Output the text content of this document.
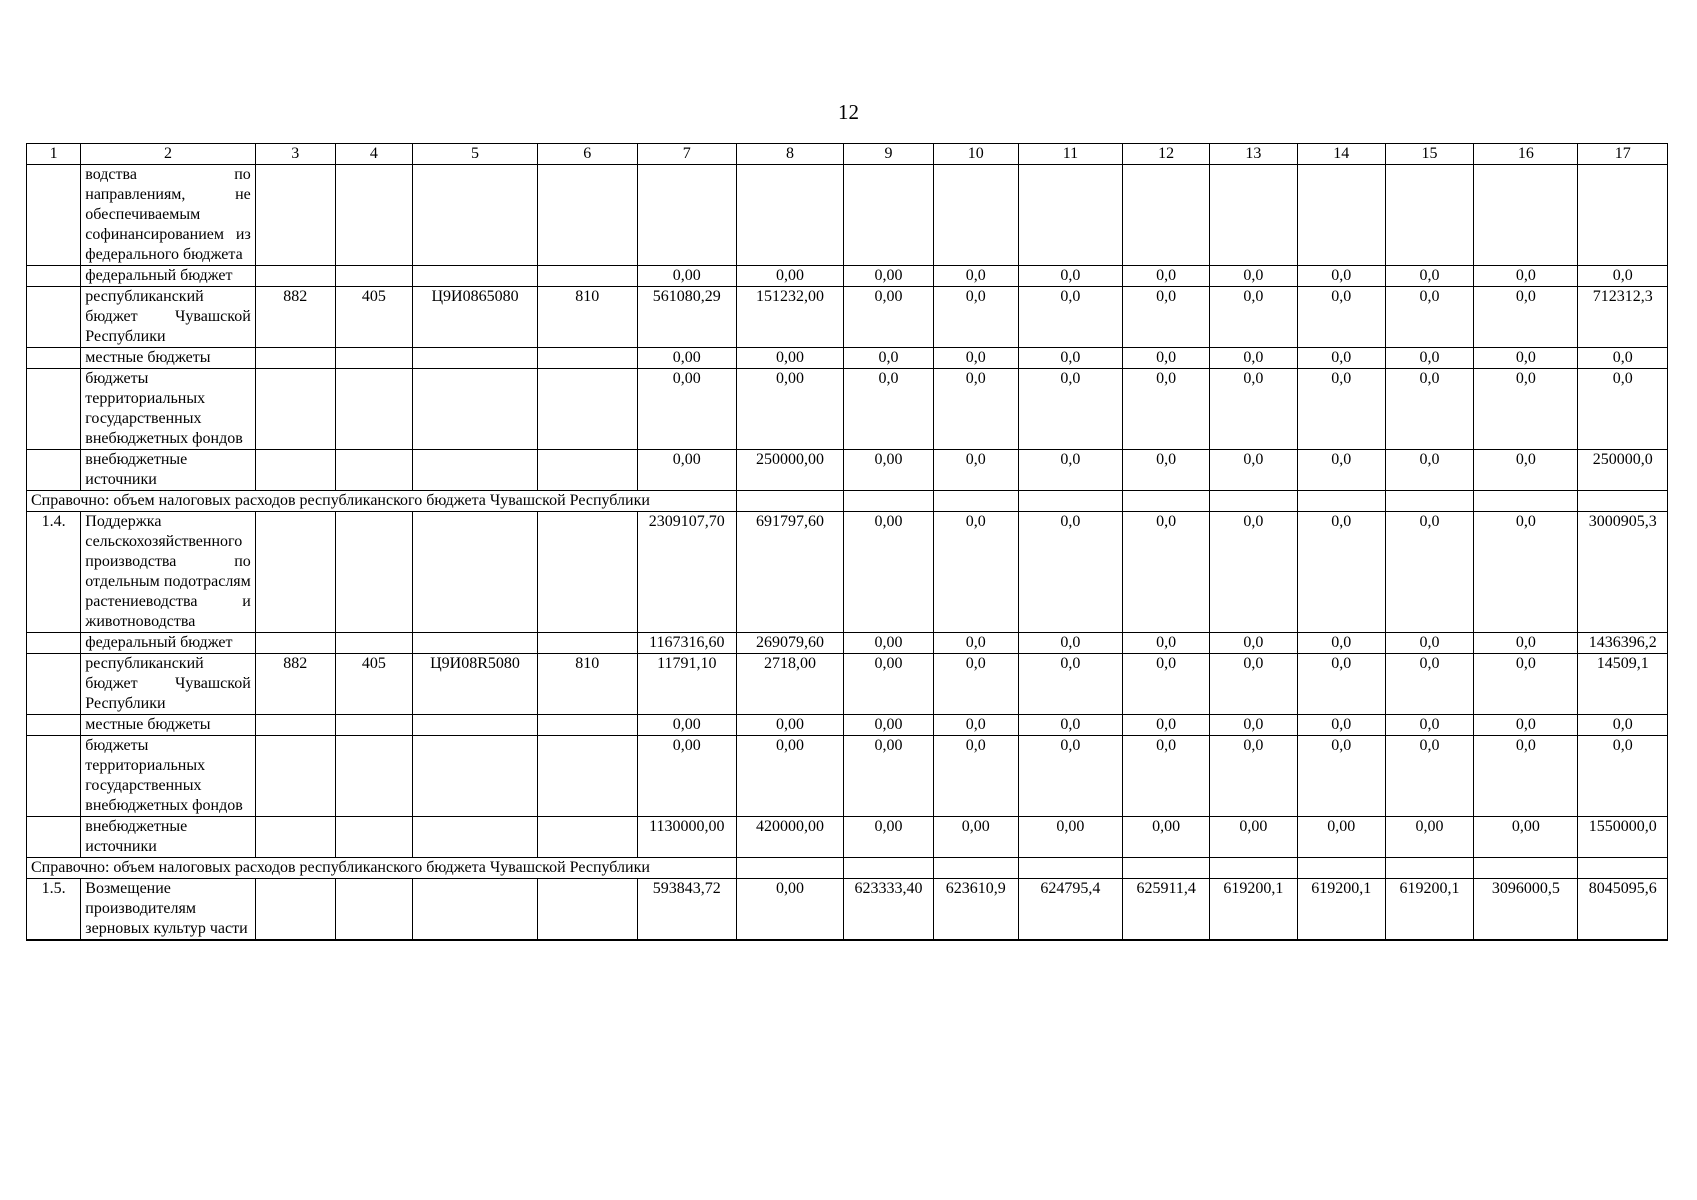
12
1	2	3	4	5	6	7	8	9	10	11	12	13	14	15	16	17
	водства по направлениям, не обеспечиваемым софинансированием из федерального бюджета															
	федеральный бюджет					0,00	0,00	0,00	0,0	0,0	0,0	0,0	0,0	0,0	0,0	0,0
	республиканский бюджет Чувашской Республики	882	405	Ц9И0865080	810	561080,29	151232,00	0,00	0,0	0,0	0,0	0,0	0,0	0,0	0,0	712312,3
	местные бюджеты					0,00	0,00	0,0	0,0	0,0	0,0	0,0	0,0	0,0	0,0	0,0
	бюджеты территориальных государственных внебюджетных фондов					0,00	0,00	0,0	0,0	0,0	0,0	0,0	0,0	0,0	0,0	0,0
	внебюджетные источники					0,00	250000,00	0,00	0,0	0,0	0,0	0,0	0,0	0,0	0,0	250000,0
Справочно: объем налоговых расходов республиканского бюджета Чувашской Республики																
1.4.	Поддержка сельскохозяйственного производства по отдельным подотраслям растениеводства и животноводства					2309107,70	691797,60	0,00	0,0	0,0	0,0	0,0	0,0	0,0	0,0	3000905,3
	федеральный бюджет					1167316,60	269079,60	0,00	0,0	0,0	0,0	0,0	0,0	0,0	0,0	1436396,2
	республиканский бюджет Чувашской Республики	882	405	Ц9И08R5080	810	11791,10	2718,00	0,00	0,0	0,0	0,0	0,0	0,0	0,0	0,0	14509,1
	местные бюджеты					0,00	0,00	0,00	0,0	0,0	0,0	0,0	0,0	0,0	0,0	0,0
	бюджеты территориальных государственных внебюджетных фондов					0,00	0,00	0,00	0,0	0,0	0,0	0,0	0,0	0,0	0,0	0,0
	внебюджетные источники					1130000,00	420000,00	0,00	0,00	0,00	0,00	0,00	0,00	0,00	0,00	1550000,0
Справочно: объем налоговых расходов республиканского бюджета Чувашской Республики																
1.5.	Возмещение производителям зерновых культур части					593843,72	0,00	623333,40	623610,9	624795,4	625911,4	619200,1	619200,1	619200,1	3096000,5	8045095,6
